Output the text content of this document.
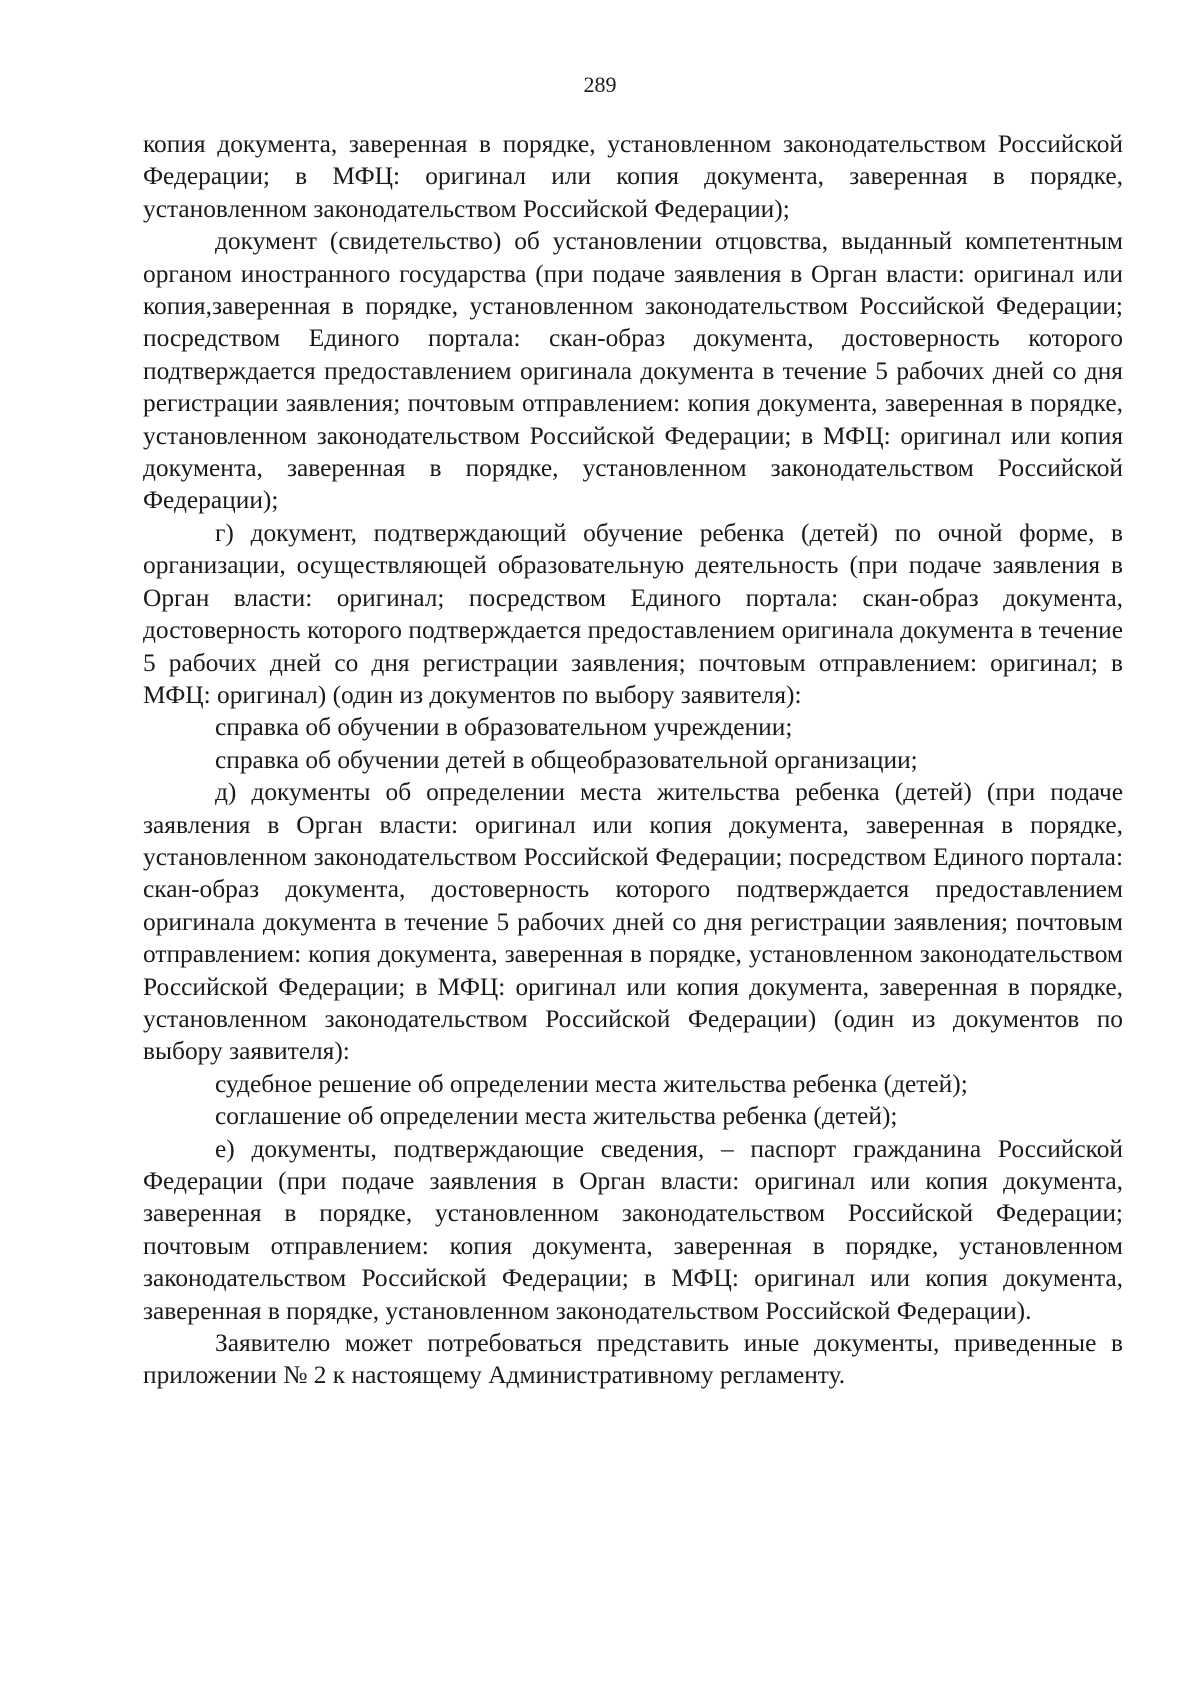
289

копия документа, заверенная в порядке, установленном законодательством Российской Федерации; в МФЦ: оригинал или копия документа, заверенная в порядке, установленном законодательством Российской Федерации);

документ (свидетельство) об установлении отцовства, выданный компетентным органом иностранного государства (при подаче заявления в Орган власти: оригинал или копия,заверенная в порядке, установленном законодательством Российской Федерации; посредством Единого портала: скан-образ документа, достоверность которого подтверждается предоставлением оригинала документа в течение 5 рабочих дней со дня регистрации заявления; почтовым отправлением: копия документа, заверенная в порядке, установленном законодательством Российской Федерации; в МФЦ: оригинал или копия документа, заверенная в порядке, установленном законодательством Российской Федерации);

г) документ, подтверждающий обучение ребенка (детей) по очной форме, в организации, осуществляющей образовательную деятельность (при подаче заявления в Орган власти: оригинал; посредством Единого портала: скан-образ документа, достоверность которого подтверждается предоставлением оригинала документа в течение 5 рабочих дней со дня регистрации заявления; почтовым отправлением: оригинал; в МФЦ: оригинал) (один из документов по выбору заявителя):

справка об обучении в образовательном учреждении;

справка об обучении детей в общеобразовательной организации;

д) документы об определении места жительства ребенка (детей) (при подаче заявления в Орган власти: оригинал или копия документа, заверенная в порядке, установленном законодательством Российской Федерации; посредством Единого портала: скан-образ документа, достоверность которого подтверждается предоставлением оригинала документа в течение 5 рабочих дней со дня регистрации заявления; почтовым отправлением: копия документа, заверенная в порядке, установленном законодательством Российской Федерации; в МФЦ: оригинал или копия документа, заверенная в порядке, установленном законодательством Российской Федерации) (один из документов по выбору заявителя):

судебное решение об определении места жительства ребенка (детей);

соглашение об определении места жительства ребенка (детей);

е) документы, подтверждающие сведения, – паспорт гражданина Российской Федерации (при подаче заявления в Орган власти: оригинал или копия документа, заверенная в порядке, установленном законодательством Российской Федерации; почтовым отправлением: копия документа, заверенная в порядке, установленном законодательством Российской Федерации; в МФЦ: оригинал или копия документа, заверенная в порядке, установленном законодательством Российской Федерации).

Заявителю может потребоваться представить иные документы, приведенные в приложении № 2 к настоящему Административному регламенту.
